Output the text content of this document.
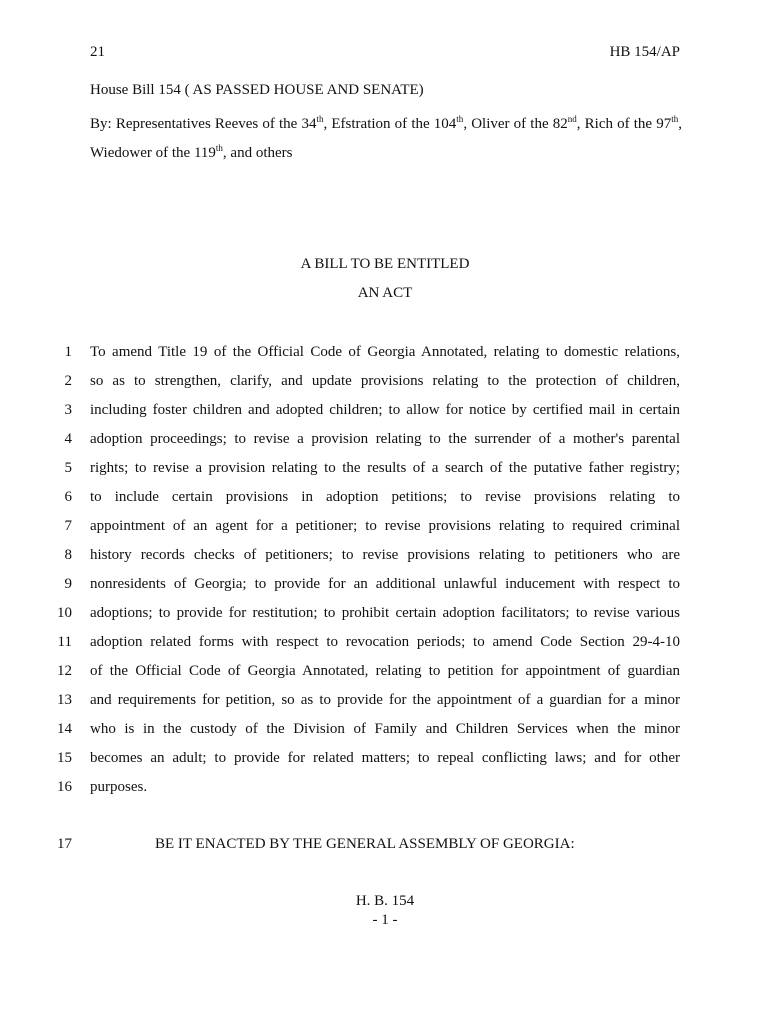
21	HB 154/AP
House Bill 154 ( AS PASSED HOUSE AND SENATE)
By: Representatives Reeves of the 34th, Efstration of the 104th, Oliver of the 82nd, Rich of the 97th, Wiedower of the 119th, and others
A BILL TO BE ENTITLED
AN ACT
1 To amend Title 19 of the Official Code of Georgia Annotated, relating to domestic relations,
2 so as to strengthen, clarify, and update provisions relating to the protection of children,
3 including foster children and adopted children; to allow for notice by certified mail in certain
4 adoption proceedings; to revise a provision relating to the surrender of a mother's parental
5 rights; to revise a provision relating to the results of a search of the putative father registry;
6 to include certain provisions in adoption petitions; to revise provisions relating to
7 appointment of an agent for a petitioner; to revise provisions relating to required criminal
8 history records checks of petitioners; to revise provisions relating to petitioners who are
9 nonresidents of Georgia; to provide for an additional unlawful inducement with respect to
10 adoptions; to provide for restitution; to prohibit certain adoption facilitators; to revise various
11 adoption related forms with respect to revocation periods; to amend Code Section 29-4-10
12 of the Official Code of Georgia Annotated, relating to petition for appointment of guardian
13 and requirements for petition, so as to provide for the appointment of a guardian for a minor
14 who is in the custody of the Division of Family and Children Services when the minor
15 becomes an adult; to provide for related matters; to repeal conflicting laws; and for other
16 purposes.
17	BE IT ENACTED BY THE GENERAL ASSEMBLY OF GEORGIA:
H. B. 154
- 1 -
